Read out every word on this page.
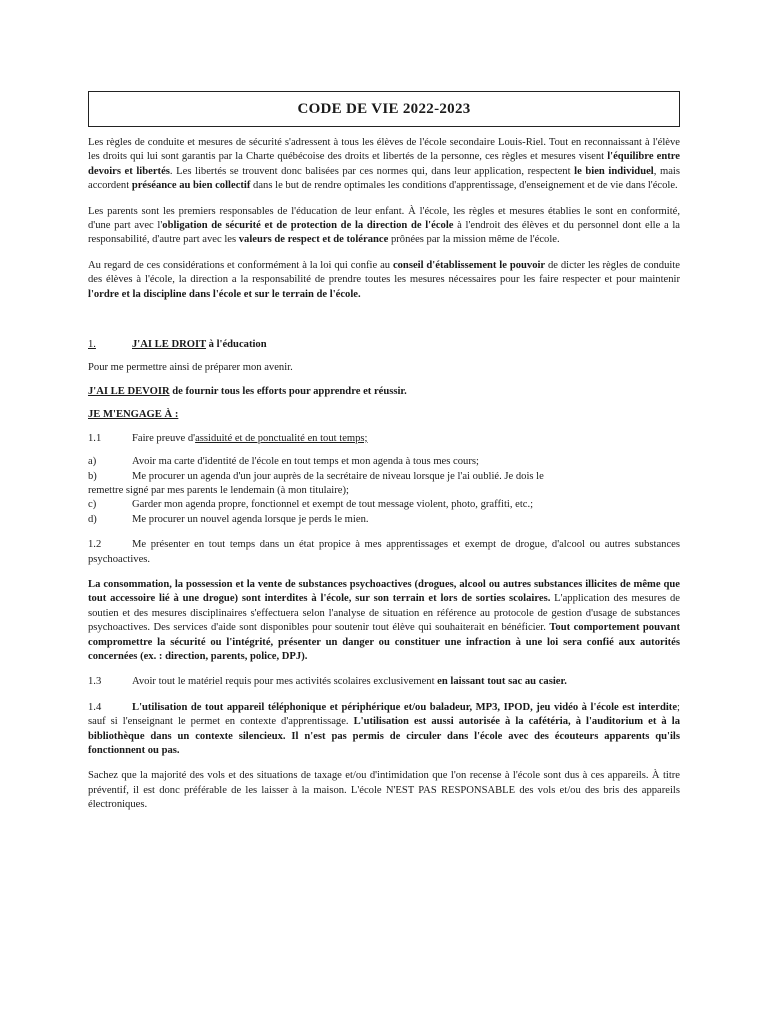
CODE DE VIE 2022-2023

Les règles de conduite et mesures de sécurité s'adressent à tous les élèves de l'école secondaire Louis-Riel. Tout en reconnaissant à l'élève les droits qui lui sont garantis par la Charte québécoise des droits et libertés de la personne, ces règles et mesures visent l'équilibre entre devoirs et libertés. Les libertés se trouvent donc balisées par ces normes qui, dans leur application, respectent le bien individuel, mais accordent préséance au bien collectif dans le but de rendre optimales les conditions d'apprentissage, d'enseignement et de vie dans l'école.

Les parents sont les premiers responsables de l'éducation de leur enfant. À l'école, les règles et mesures établies le sont en conformité, d'une part avec l'obligation de sécurité et de protection de la direction de l'école à l'endroit des élèves et du personnel dont elle a la responsabilité, d'autre part avec les valeurs de respect et de tolérance prônées par la mission même de l'école.

Au regard de ces considérations et conformément à la loi qui confie au conseil d'établissement le pouvoir de dicter les règles de conduite des élèves à l'école, la direction a la responsabilité de prendre toutes les mesures nécessaires pour les faire respecter et pour maintenir l'ordre et la discipline dans l'école et sur le terrain de l'école.

1.	J'AI LE DROIT à l'éducation

Pour me permettre ainsi de préparer mon avenir.

J'AI LE DEVOIR de fournir tous les efforts pour apprendre et réussir.

JE M'ENGAGE À :

1.1	Faire preuve d'assiduité et de ponctualité en tout temps;
a)	Avoir ma carte d'identité de l'école en tout temps et mon agenda à tous mes cours;
b)	Me procurer un agenda d'un jour auprès de la secrétaire de niveau lorsque je l'ai oublié. Je dois le

remettre signé par mes parents le lendemain (à mon titulaire);

c)	Garder mon agenda propre, fonctionnel et exempt de tout message violent, photo, graffiti, etc.;
d)	Me procurer un nouvel agenda lorsque je perds le mien.

1.2	Me présenter en tout temps dans un état propice à mes apprentissages et exempt de drogue, d'alcool ou autres substances psychoactives.

La consommation, la possession et la vente de substances psychoactives (drogues, alcool ou autres substances illicites de même que tout accessoire lié à une drogue) sont interdites à l'école, sur son terrain et lors de sorties scolaires. L'application des mesures de soutien et des mesures disciplinaires s'effectuera selon l'analyse de situation en référence au protocole de gestion d'usage de substances psychoactives. Des services d'aide sont disponibles pour soutenir tout élève qui souhaiterait en bénéficier. Tout comportement pouvant compromettre la sécurité ou l'intégrité, présenter un danger ou constituer une infraction à une loi sera confié aux autorités concernées (ex. : direction, parents, police, DPJ).

1.3	Avoir tout le matériel requis pour mes activités scolaires exclusivement en laissant tout sac au casier.

1.4	L'utilisation de tout appareil téléphonique et périphérique et/ou baladeur, MP3, IPOD, jeu vidéo à l'école est interdite; sauf si l'enseignant le permet en contexte d'apprentissage. L'utilisation est aussi autorisée à la cafétéria, à l'auditorium et à la bibliothèque dans un contexte silencieux. Il n'est pas permis de circuler dans l'école avec des écouteurs apparents qu'ils fonctionnent ou pas.

Sachez que la majorité des vols et des situations de taxage et/ou d'intimidation que l'on recense à l'école sont dus à ces appareils. À titre préventif, il est donc préférable de les laisser à la maison. L'école N'EST PAS RESPONSABLE des vols et/ou des bris des appareils électroniques.
